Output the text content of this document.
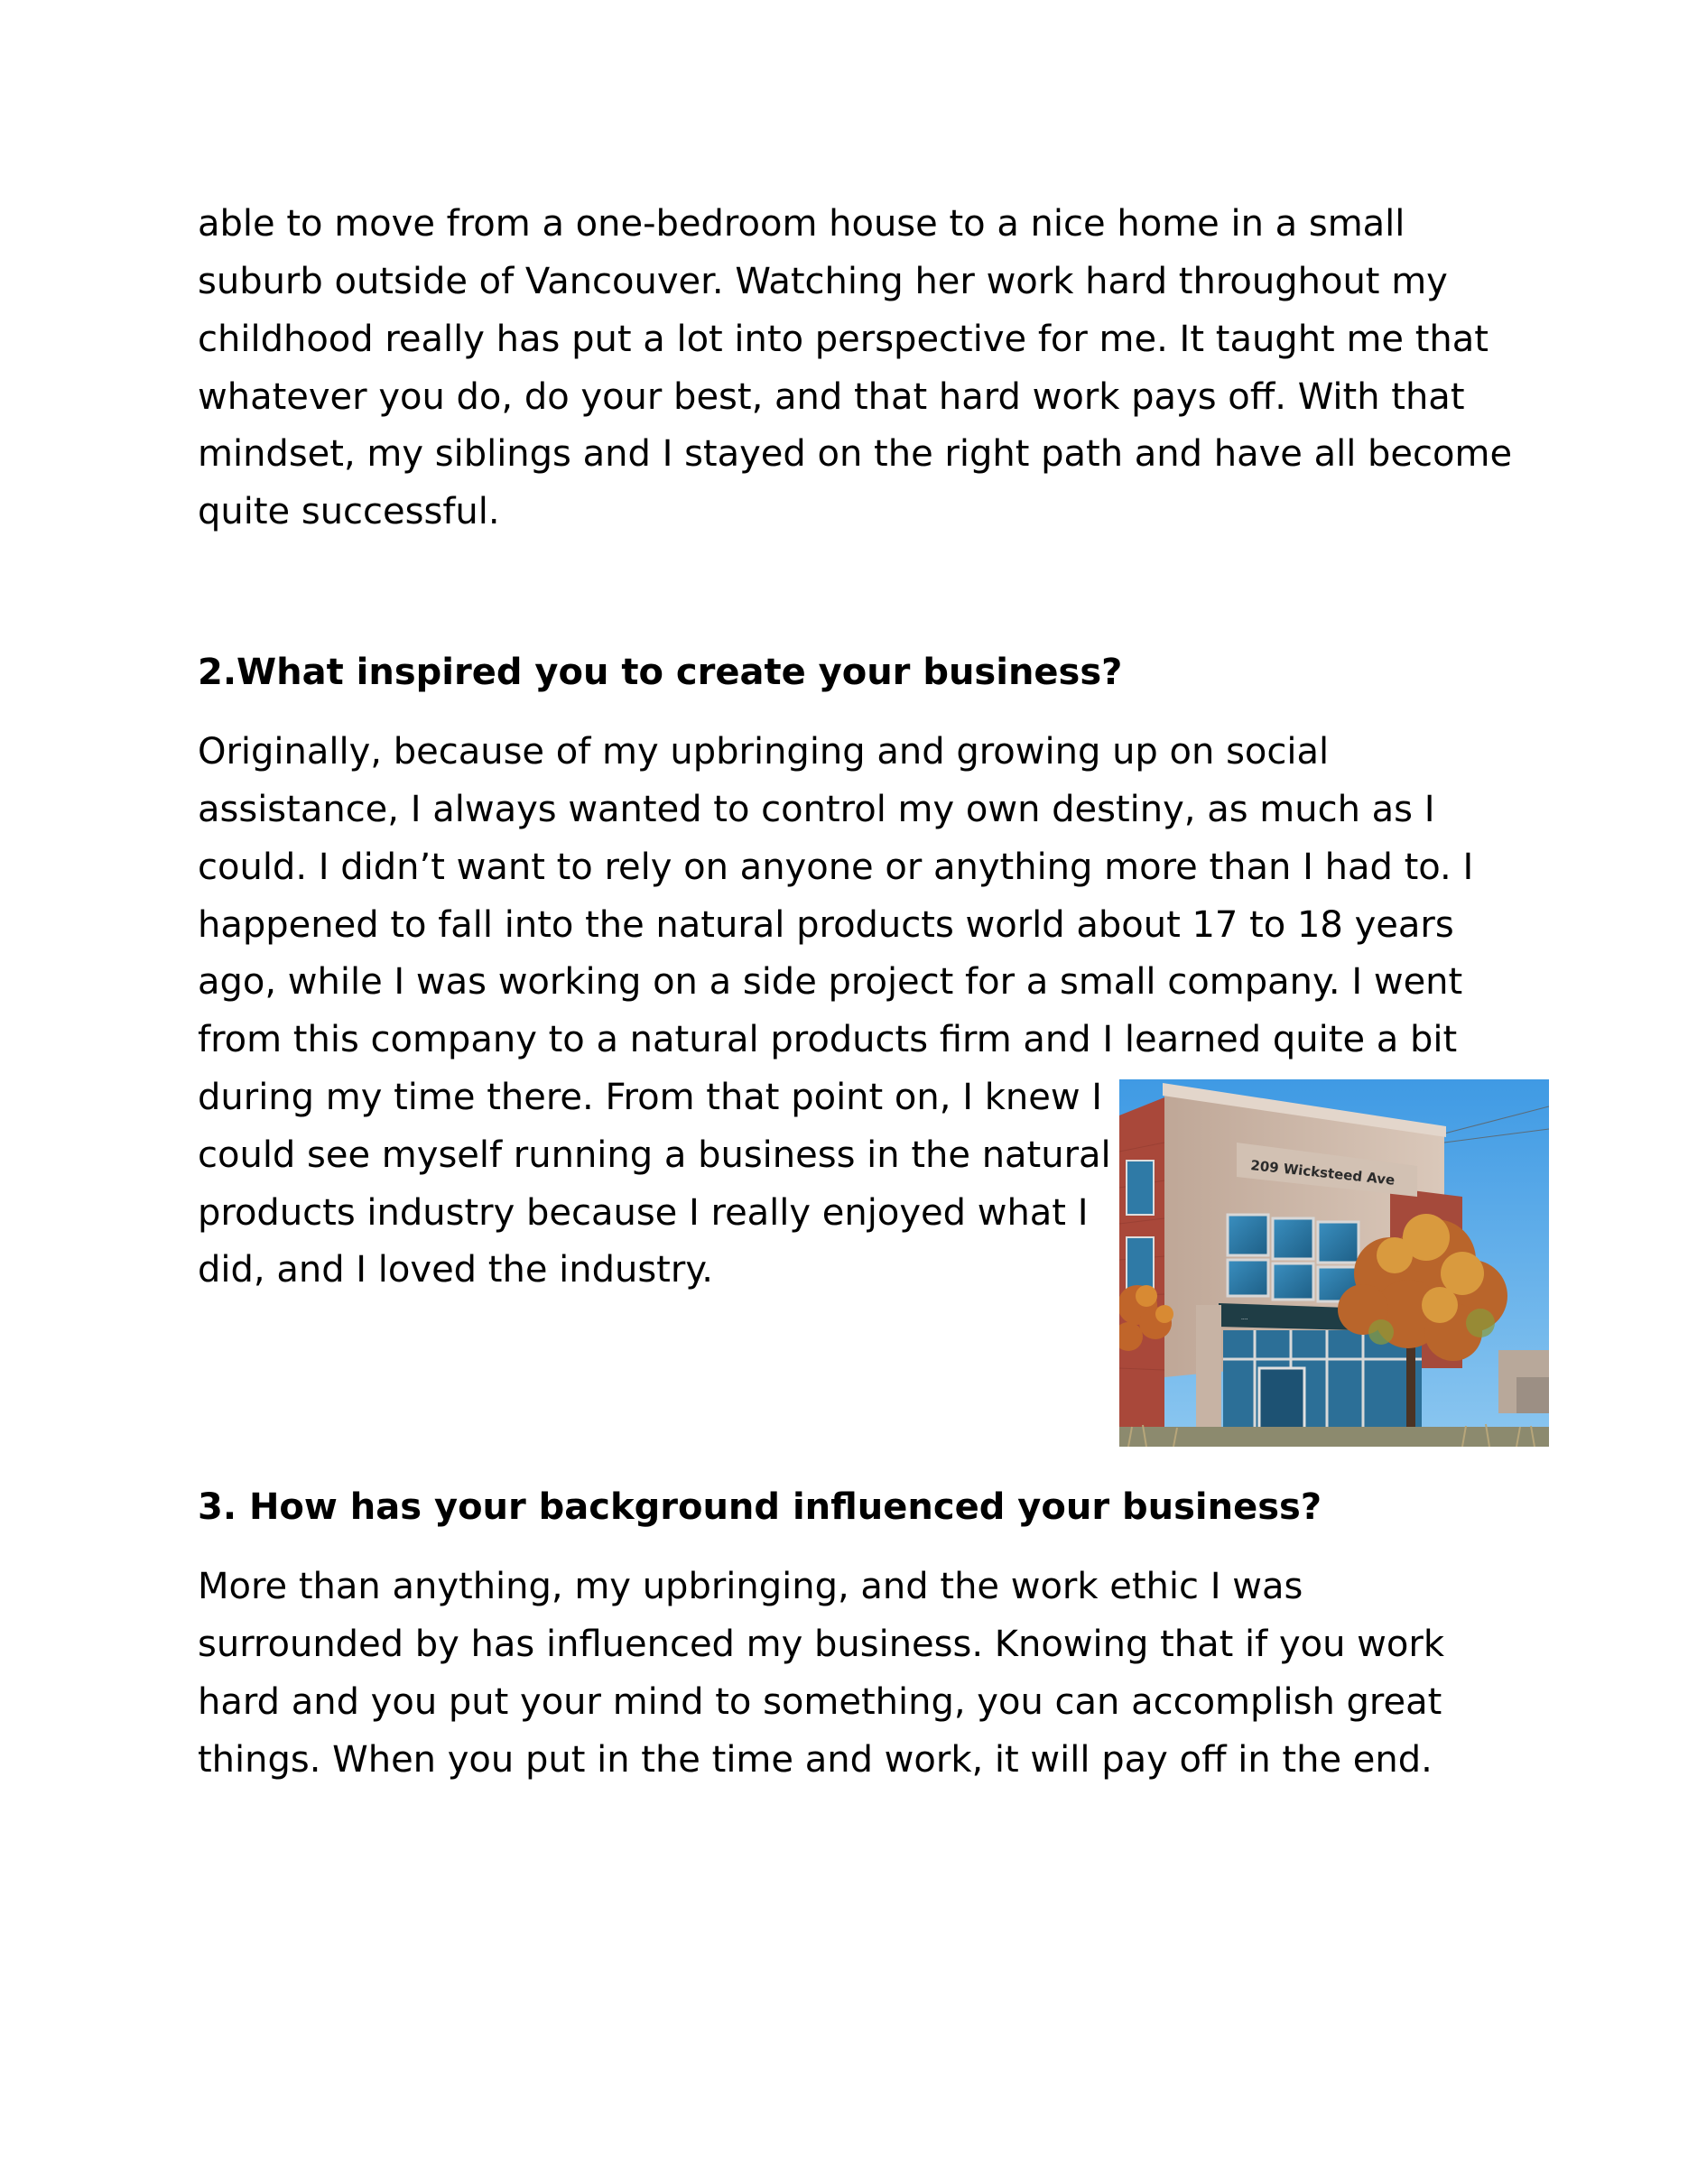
able to move from a one-bedroom house to a nice home in a small
suburb outside of Vancouver. Watching her work hard throughout my
childhood really has put a lot into perspective for me. It taught me that
whatever you do, do your best, and that hard work pays off. With that
mindset, my siblings and I stayed on the right path and have all become
quite successful.
2.What inspired you to create your business?
Originally, because of my upbringing and growing up on social
assistance, I always wanted to control my own destiny, as much as I
could. I didn’t want to rely on anyone or anything more than I had to. I
happened to fall into the natural products world about 17 to 18 years
ago, while I was working on a side project for a small company. I went
from this company to a natural products firm and I learned quite a bit
during my time there. From that point on, I knew I
could see myself running a business in the natural
products industry because I really enjoyed what I
did, and I loved the industry.
209 Wicksteed Ave
....
3. How has your background influenced your business?
More than anything, my upbringing, and the work ethic I was
surrounded by has influenced my business. Knowing that if you work
hard and you put your mind to something, you can accomplish great
things. When you put in the time and work, it will pay off in the end.
